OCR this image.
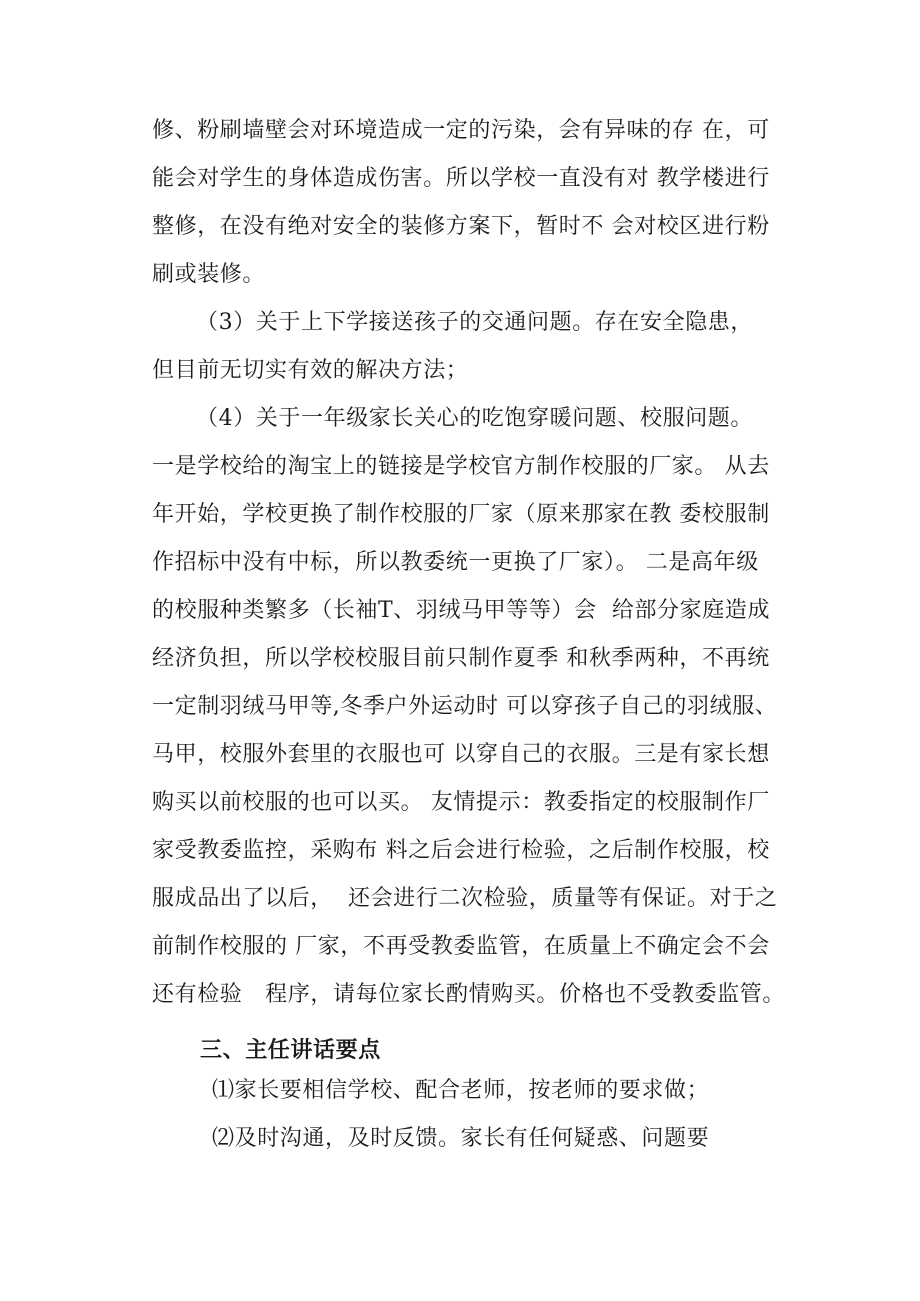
修、粉刷墙壁会对环境造成一定的污染，会有异味的存 在，可
能会对学生的身体造成伤害。所以学校一直没有对 教学楼进行
整修，在没有绝对安全的装修方案下，暂时不 会对校区进行粉
刷或装修。
（3）关于上下学接送孩子的交通问题。存在安全隐患，
但目前无切实有效的解决方法；
（4）关于一年级家长关心的吃饱穿暖问题、校服问题。
一是学校给的淘宝上的链接是学校官方制作校服的厂家。 从去
年开始，学校更换了制作校服的厂家（原来那家在教 委校服制
作招标中没有中标，所以教委统一更换了厂家）。 二是高年级
的校服种类繁多（长袖T、羽绒马甲等等）会  给部分家庭造成
经济负担，所以学校校服目前只制作夏季 和秋季两种，不再统
一定制羽绒马甲等,冬季户外运动时 可以穿孩子自己的羽绒服、
马甲，校服外套里的衣服也可 以穿自己的衣服。三是有家长想
购买以前校服的也可以买。 友情提示：教委指定的校服制作厂
家受教委监控，采购布 料之后会进行检验，之后制作校服，校
服成品出了以后，  还会进行二次检验，质量等有保证。对于之
前制作校服的 厂家，不再受教委监管，在质量上不确定会不会
还有检验   程序，请每位家长酌情购买。价格也不受教委监管。
三、主任讲话要点
⑴家长要相信学校、配合老师，按老师的要求做；
⑵及时沟通，及时反馈。家长有任何疑惑、问题要
